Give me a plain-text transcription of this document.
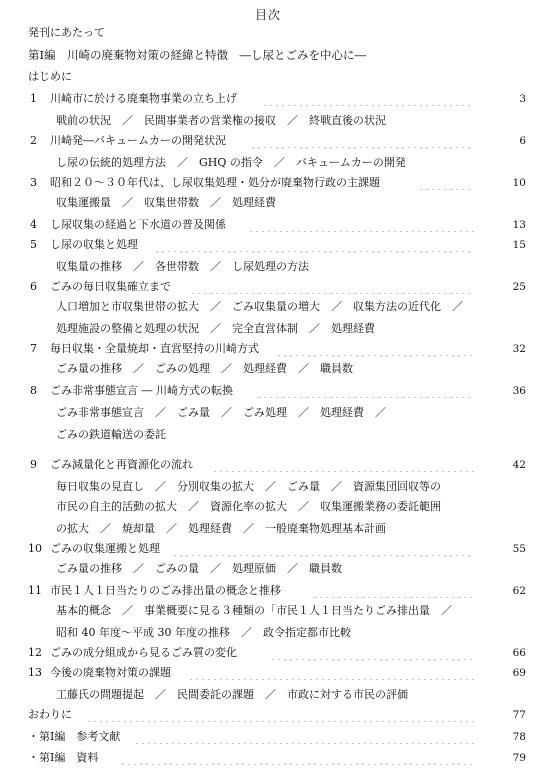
目次
発刊にあたって
第Ⅰ編　川崎の廃棄物対策の経緯と特徴　―し尿とごみを中心に―
はじめに
1 川崎市に於ける廃棄物事業の立ち上げ	3
戦前の状況　／　民間事業者の営業権の接収　／　終戦直後の状況
2 川崎発―バキュームカーの開発状況	6
し尿の伝統的処理方法　／　GHQ の指令　／　バキュームカーの開発
3 昭和２０～３０年代は、し尿収集処理・処分が廃棄物行政の主課題	10
収集運搬量　／　収集世帯数　／　処理経費
4 し尿収集の経過と下水道の普及関係	13
5 し尿の収集と処理	15
収集量の推移　／　各世帯数　／　し尿処理の方法
6 ごみの毎日収集確立まで	25
人口増加と市収集世帯の拡大　／　ごみ収集量の増大　／　収集方法の近代化　／
処理施設の整備と処理の状況　／　完全直営体制　／　処理経費
7 毎日収集・全量焼却・直営堅持の川崎方式	32
ごみ量の推移　／　ごみの処理　／　処理経費　／　職員数
8 ごみ非常事態宣言 ― 川崎方式の転換	36
ごみ非常事態宣言　／　ごみ量　／　ごみ処理　／　処理経費　／
ごみの鉄道輸送の委託
9 ごみ減量化と再資源化の流れ	42
毎日収集の見直し　／　分別収集の拡大　／　ごみ量　／　資源集団回収等の
市民の自主的活動の拡大　／　資源化率の拡大　／　収集運搬業務の委託範囲
の拡大　／　焼却量　／　処理経費　／　一般廃棄物処理基本計画
10 ごみの収集運搬と処理	55
ごみ量の推移　／　ごみの量　／　処理原価　／　職員数
11 市民１人１日当たりのごみ排出量の概念と推移	62
基本的概念　／　事業概要に見る３種類の「市民１人１日当たりごみ排出量　／
昭和 40 年度～平成 30 年度の推移　／　政令指定都市比較
12 ごみの成分組成から見るごみ質の変化	66
13 今後の廃棄物対策の課題	69
工藤氏の問題提起　／　民間委託の課題　／　市政に対する市民の評価
おわりに	77
・第Ⅰ編　参考文献	78
・第Ⅰ編　資料	79
